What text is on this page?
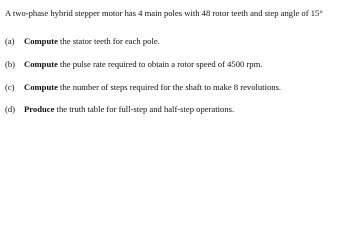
A two-phase hybrid stepper motor has 4 main poles with 48 rotor teeth and step angle of 15°
(a) Compute the stator teeth for each pole.
(b) Compute the pulse rate required to obtain a rotor speed of 4500 rpm.
(c) Compute the number of steps required for the shaft to make 8 revolutions.
(d) Produce the truth table for full-step and half-step operations.
